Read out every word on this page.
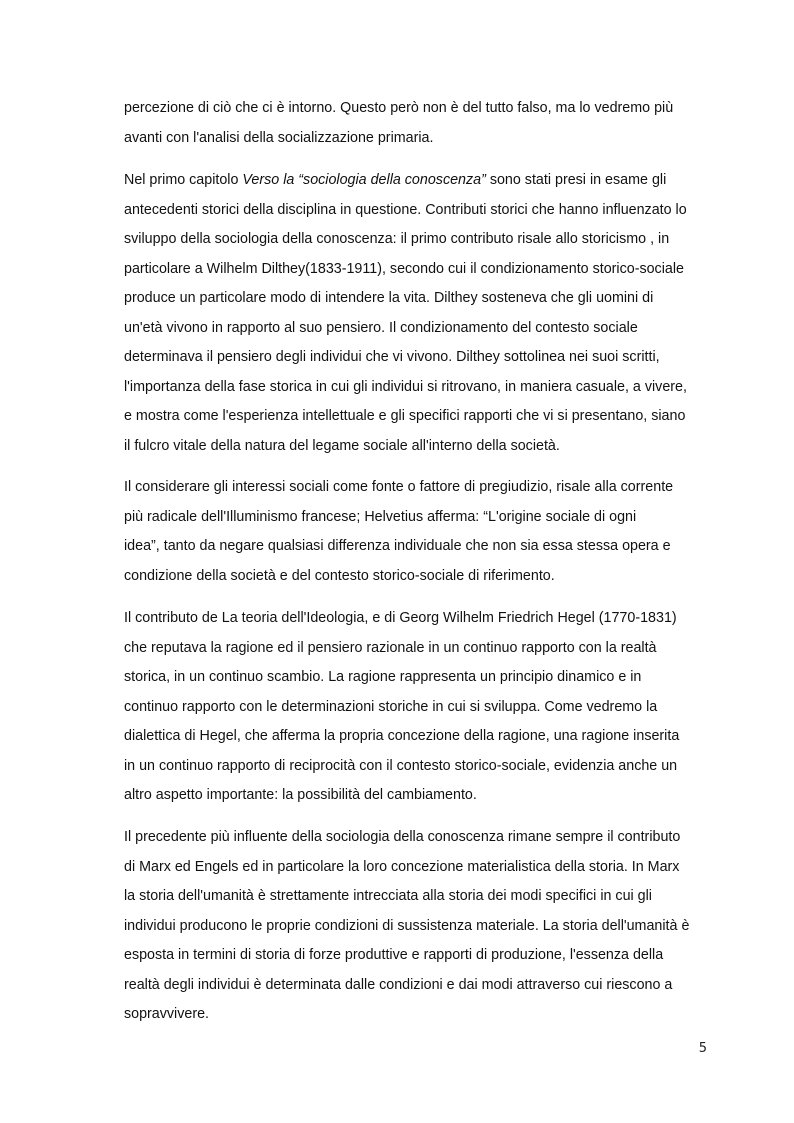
percezione di ciò che ci è intorno. Questo però non è del tutto falso, ma lo vedremo più
avanti con l'analisi della socializzazione primaria.
Nel primo capitolo Verso la “sociologia della conoscenza” sono stati presi in esame gli
antecedenti storici della disciplina in questione. Contributi storici che hanno influenzato lo
sviluppo della sociologia della conoscenza: il primo contributo risale allo storicismo , in
particolare a Wilhelm Dilthey(1833-1911), secondo cui il condizionamento storico-sociale
produce un particolare modo di intendere la vita. Dilthey sosteneva che gli uomini di
un'età vivono in rapporto al suo pensiero. Il condizionamento del contesto sociale
determinava il pensiero degli individui che vi vivono. Dilthey sottolinea nei suoi scritti,
l'importanza della fase storica in cui gli individui si ritrovano, in maniera casuale, a vivere,
e mostra come l'esperienza intellettuale e gli specifici rapporti che vi si presentano, siano
il fulcro vitale della natura del legame sociale all'interno della società.
Il considerare gli interessi sociali come fonte o fattore di pregiudizio, risale alla corrente
più radicale dell'Illuminismo francese; Helvetius afferma: “L'origine sociale di ogni
idea”, tanto da negare qualsiasi differenza individuale che non sia essa stessa opera e
condizione della società e del contesto storico-sociale di riferimento.
Il contributo de La teoria dell'Ideologia, e di Georg Wilhelm Friedrich Hegel (1770-1831)
che reputava la ragione ed il pensiero razionale in un continuo rapporto con la realtà
storica, in un continuo scambio. La ragione rappresenta un principio dinamico e in
continuo rapporto con le determinazioni storiche in cui si sviluppa. Come vedremo la
dialettica di Hegel, che afferma la propria concezione della ragione, una ragione inserita
in un continuo rapporto di reciprocità con il contesto storico-sociale, evidenzia anche un
altro aspetto importante: la possibilità del cambiamento.
Il precedente più influente della sociologia della conoscenza rimane sempre il contributo
di Marx ed Engels ed in particolare la loro concezione materialistica della storia. In Marx
la storia dell'umanità è strettamente intrecciata alla storia dei modi specifici in cui gli
individui producono le proprie condizioni di sussistenza materiale. La storia dell'umanità è
esposta in termini di storia di forze produttive e rapporti di produzione, l'essenza della
realtà degli individui è determinata dalle condizioni e dai modi attraverso cui riescono a
sopravvivere.
5
